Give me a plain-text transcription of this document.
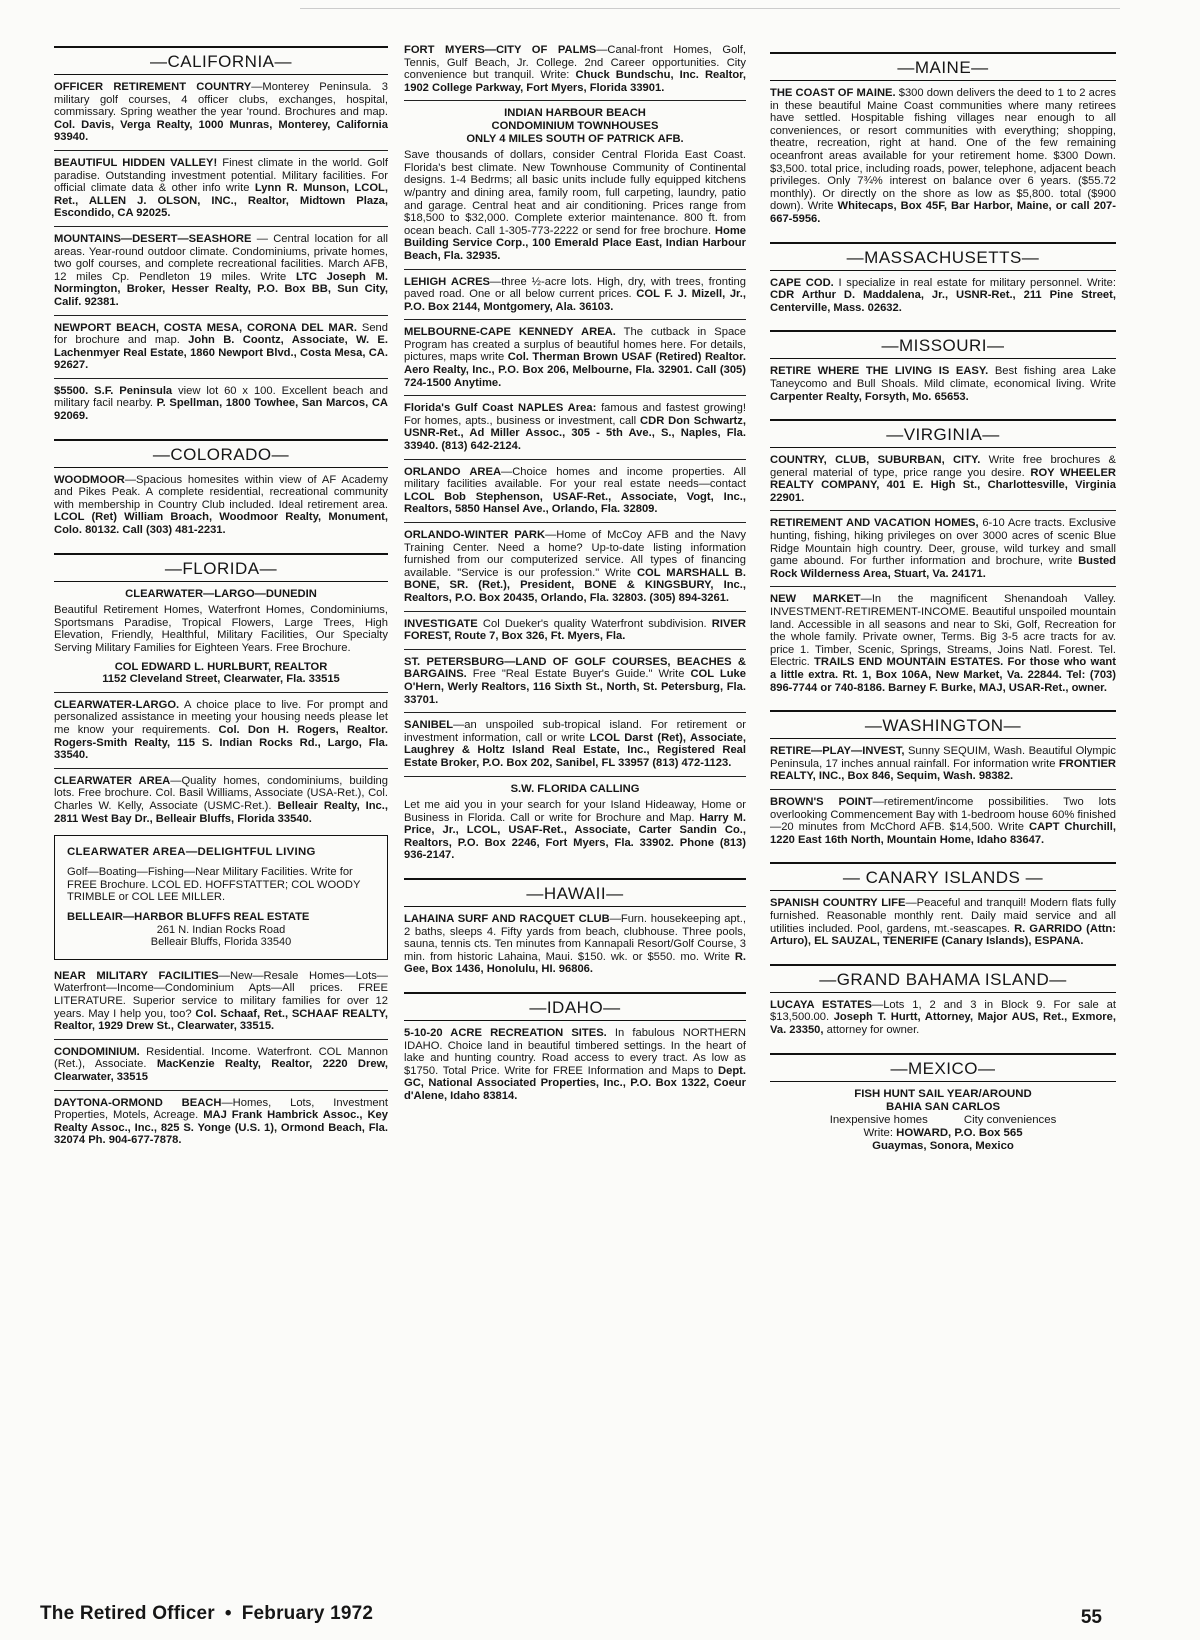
—CALIFORNIA—
OFFICER RETIREMENT COUNTRY—Monterey Peninsula. 3 military golf courses, 4 officer clubs, exchanges, hospital, commissary. Spring weather the year 'round. Brochures and map. Col. Davis, Verga Realty, 1000 Munras, Monterey, California 93940.
BEAUTIFUL HIDDEN VALLEY! Finest climate in the world. Golf paradise. Outstanding investment potential. Military facilities. For official climate data & other info write Lynn R. Munson, LCOL, Ret., ALLEN J. OLSON, INC., Realtor, Midtown Plaza, Escondido, CA 92025.
MOUNTAINS—DESERT—SEASHORE — Central location for all areas. Year-round outdoor climate. Condominiums, private homes, two golf courses, and complete recreational facilities. March AFB, 12 miles Cp. Pendleton 19 miles. Write LTC Joseph M. Normington, Broker, Hesser Realty, P.O. Box BB, Sun City, Calif. 92381.
NEWPORT BEACH, COSTA MESA, CORONA DEL MAR. Send for brochure and map. John B. Coontz, Associate, W. E. Lachenmyer Real Estate, 1860 Newport Blvd., Costa Mesa, CA. 92627.
$5500. S.F. Peninsula view lot 60 x 100. Excellent beach and military facil nearby. P. Spellman, 1800 Towhee, San Marcos, CA 92069.
—COLORADO—
WOODMOOR—Spacious homesites within view of AF Academy and Pikes Peak. A complete residential, recreational community with membership in Country Club included. Ideal retirement area. LCOL (Ret) William Broach, Woodmoor Realty, Monument, Colo. 80132. Call (303) 481-2231.
—FLORIDA—
CLEARWATER—LARGO—DUNEDIN
Beautiful Retirement Homes, Waterfront Homes, Condominiums, Sportsmans Paradise, Tropical Flowers, Large Trees, High Elevation, Friendly, Healthful, Military Facilities, Our Specialty Serving Military Families for Eighteen Years. Free Brochure.
COL EDWARD L. HURLBURT, REALTOR
1152 Cleveland Street, Clearwater, Fla. 33515
CLEARWATER-LARGO. A choice place to live. For prompt and personalized assistance in meeting your housing needs please let me know your requirements. Col. Don H. Rogers, Realtor. Rogers-Smith Realty, 115 S. Indian Rocks Rd., Largo, Fla. 33540.
CLEARWATER AREA—Quality homes, condominiums, building lots. Free brochure. Col. Basil Williams, Associate (USA-Ret.), Col. Charles W. Kelly, Associate (USMC-Ret.). Belleair Realty, Inc., 2811 West Bay Dr., Belleair Bluffs, Florida 33540.
CLEARWATER AREA—DELIGHTFUL LIVING
Golf—Boating—Fishing—Near Military Facilities. Write for FREE Brochure. LCOL ED. HOFFSTATTER; COL WOODY TRIMBLE or COL LEE MILLER.
BELLEAIR—HARBOR BLUFFS REAL ESTATE
261 N. Indian Rocks Road
Belleair Bluffs, Florida 33540
NEAR MILITARY FACILITIES—New—Resale Homes—Lots—Waterfront—Income—Condominium Apts—All prices. FREE LITERATURE. Superior service to military families for over 12 years. May I help you, too? Col. Schaaf, Ret., SCHAAF REALTY, Realtor, 1929 Drew St., Clearwater, 33515.
CONDOMINIUM. Residential. Income. Waterfront. COL Mannon (Ret.), Associate. MacKenzie Realty, Realtor, 2220 Drew, Clearwater, 33515
DAYTONA-ORMOND BEACH—Homes, Lots, Investment Properties, Motels, Acreage. MAJ Frank Hambrick Assoc., Key Realty Assoc., Inc., 825 S. Yonge (U.S. 1), Ormond Beach, Fla. 32074 Ph. 904-677-7878.
FORT MYERS—CITY OF PALMS—Canal-front Homes, Golf, Tennis, Gulf Beach, Jr. College. 2nd Career opportunities. City convenience but tranquil. Write: Chuck Bundschu, Inc. Realtor, 1902 College Parkway, Fort Myers, Florida 33901.
INDIAN HARBOUR BEACH
CONDOMINIUM TOWNHOUSES
ONLY 4 MILES SOUTH OF PATRICK AFB.
Save thousands of dollars, consider Central Florida East Coast. Florida's best climate. New Townhouse Community of Continental designs. 1-4 Bedrms; all basic units include fully equipped kitchens w/pantry and dining area, family room, full carpeting, laundry, patio and garage. Central heat and air conditioning. Prices range from $18,500 to $32,000. Complete exterior maintenance. 800 ft. from ocean beach. Call 1-305-773-2222 or send for free brochure. Home Building Service Corp., 100 Emerald Place East, Indian Harbour Beach, Fla. 32935.
LEHIGH ACRES—three ½-acre lots. High, dry, with trees, fronting paved road. One or all below current prices. COL F. J. Mizell, Jr., P.O. Box 2144, Montgomery, Ala. 36103.
MELBOURNE-CAPE KENNEDY AREA. The cutback in Space Program has created a surplus of beautiful homes here. For details, pictures, maps write Col. Therman Brown USAF (Retired) Realtor. Aero Realty, Inc., P.O. Box 206, Melbourne, Fla. 32901. Call (305) 724-1500 Anytime.
Florida's Gulf Coast NAPLES Area: famous and fastest growing! For homes, apts., business or investment, call CDR Don Schwartz, USNR-Ret., Ad Miller Assoc., 305 - 5th Ave., S., Naples, Fla. 33940. (813) 642-2124.
ORLANDO AREA—Choice homes and income properties. All military facilities available. For your real estate needs—contact LCOL Bob Stephenson, USAF-Ret., Associate, Vogt, Inc., Realtors, 5850 Hansel Ave., Orlando, Fla. 32809.
ORLANDO-WINTER PARK—Home of McCoy AFB and the Navy Training Center. Need a home? Up-to-date listing information furnished from our computerized service. All types of financing available. "Service is our profession." Write COL MARSHALL B. BONE, SR. (Ret.), President, BONE & KINGSBURY, Inc., Realtors, P.O. Box 20435, Orlando, Fla. 32803. (305) 894-3261.
INVESTIGATE Col Dueker's quality Waterfront subdivision. RIVER FOREST, Route 7, Box 326, Ft. Myers, Fla.
ST. PETERSBURG—LAND OF GOLF COURSES, BEACHES & BARGAINS. Free "Real Estate Buyer's Guide." Write COL Luke O'Hern, Werly Realtors, 116 Sixth St., North, St. Petersburg, Fla. 33701.
SANIBEL—an unspoiled sub-tropical island. For retirement or investment information, call or write LCOL Darst (Ret), Associate, Laughrey & Holtz Island Real Estate, Inc., Registered Real Estate Broker, P.O. Box 202, Sanibel, FL 33957 (813) 472-1123.
S.W. FLORIDA CALLING
Let me aid you in your search for your Island Hideaway, Home or Business in Florida. Call or write for Brochure and Map. Harry M. Price, Jr., LCOL, USAF-Ret., Associate, Carter Sandin Co., Realtors, P.O. Box 2246, Fort Myers, Fla. 33902. Phone (813) 936-2147.
—HAWAII—
LAHAINA SURF AND RACQUET CLUB—Furn. housekeeping apt., 2 baths, sleeps 4. Fifty yards from beach, clubhouse. Three pools, sauna, tennis cts. Ten minutes from Kannapali Resort/Golf Course, 3 min. from historic Lahaina, Maui. $150. wk. or $550. mo. Write R. Gee, Box 1436, Honolulu, HI. 96806.
—IDAHO—
5-10-20 ACRE RECREATION SITES. In fabulous NORTHERN IDAHO. Choice land in beautiful timbered settings. In the heart of lake and hunting country. Road access to every tract. As low as $1750. Total Price. Write for FREE Information and Maps to Dept. GC, National Associated Properties, Inc., P.O. Box 1322, Coeur d'Alene, Idaho 83814.
—MAINE—
THE COAST OF MAINE. $300 down delivers the deed to 1 to 2 acres in these beautiful Maine Coast communities where many retirees have settled. Hospitable fishing villages near enough to all conveniences, or resort communities with everything; shopping, theatre, recreation, right at hand. One of the few remaining oceanfront areas available for your retirement home. $300 Down. $3,500. total price, including roads, power, telephone, adjacent beach privileges. Only 7¾% interest on balance over 6 years. ($55.72 monthly). Or directly on the shore as low as $5,800. total ($900 down). Write Whitecaps, Box 45F, Bar Harbor, Maine, or call 207-667-5956.
—MASSACHUSETTS—
CAPE COD. I specialize in real estate for military personnel. Write: CDR Arthur D. Maddalena, Jr., USNR-Ret., 211 Pine Street, Centerville, Mass. 02632.
—MISSOURI—
RETIRE WHERE THE LIVING IS EASY. Best fishing area Lake Taneycomo and Bull Shoals. Mild climate, economical living. Write Carpenter Realty, Forsyth, Mo. 65653.
—VIRGINIA—
COUNTRY, CLUB, SUBURBAN, CITY. Write free brochures & general material of type, price range you desire. ROY WHEELER REALTY COMPANY, 401 E. High St., Charlottesville, Virginia 22901.
RETIREMENT AND VACATION HOMES, 6-10 Acre tracts. Exclusive hunting, fishing, hiking privileges on over 3000 acres of scenic Blue Ridge Mountain high country. Deer, grouse, wild turkey and small game abound. For further information and brochure, write Busted Rock Wilderness Area, Stuart, Va. 24171.
NEW MARKET—In the magnificent Shenandoah Valley. INVESTMENT-RETIREMENT-INCOME. Beautiful unspoiled mountain land. Accessible in all seasons and near to Ski, Golf, Recreation for the whole family. Private owner, Terms. Big 3-5 acre tracts for av. price 1. Timber, Scenic, Springs, Streams, Joins Natl. Forest. Tel. Electric. TRAILS END MOUNTAIN ESTATES. For those who want a little extra. Rt. 1, Box 106A, New Market, Va. 22844. Tel: (703) 896-7744 or 740-8186. Barney F. Burke, MAJ, USAR-Ret., owner.
—WASHINGTON—
RETIRE—PLAY—INVEST, Sunny SEQUIM, Wash. Beautiful Olympic Peninsula, 17 inches annual rainfall. For information write FRONTIER REALTY, INC., Box 846, Sequim, Wash. 98382.
BROWN'S POINT—retirement/income possibilities. Two lots overlooking Commencement Bay with 1-bedroom house 60% finished—20 minutes from McChord AFB. $14,500. Write CAPT Churchill, 1220 East 16th North, Mountain Home, Idaho 83647.
— CANARY ISLANDS —
SPANISH COUNTRY LIFE—Peaceful and tranquil! Modern flats fully furnished. Reasonable monthly rent. Daily maid service and all utilities included. Pool, gardens, mt.-seascapes. R. GARRIDO (Attn: Arturo), EL SAUZAL, TENERIFE (Canary Islands), ESPANA.
—GRAND BAHAMA ISLAND—
LUCAYA ESTATES—Lots 1, 2 and 3 in Block 9. For sale at $13,500.00. Joseph T. Hurtt, Attorney, Major AUS, Ret., Exmore, Va. 23350, attorney for owner.
—MEXICO—
FISH HUNT SAIL YEAR/AROUND
BAHIA SAN CARLOS
Inexpensive homes	City conveniences
Write: HOWARD, P.O. Box 565
Guaymas, Sonora, Mexico
The Retired Officer • February 1972	55
